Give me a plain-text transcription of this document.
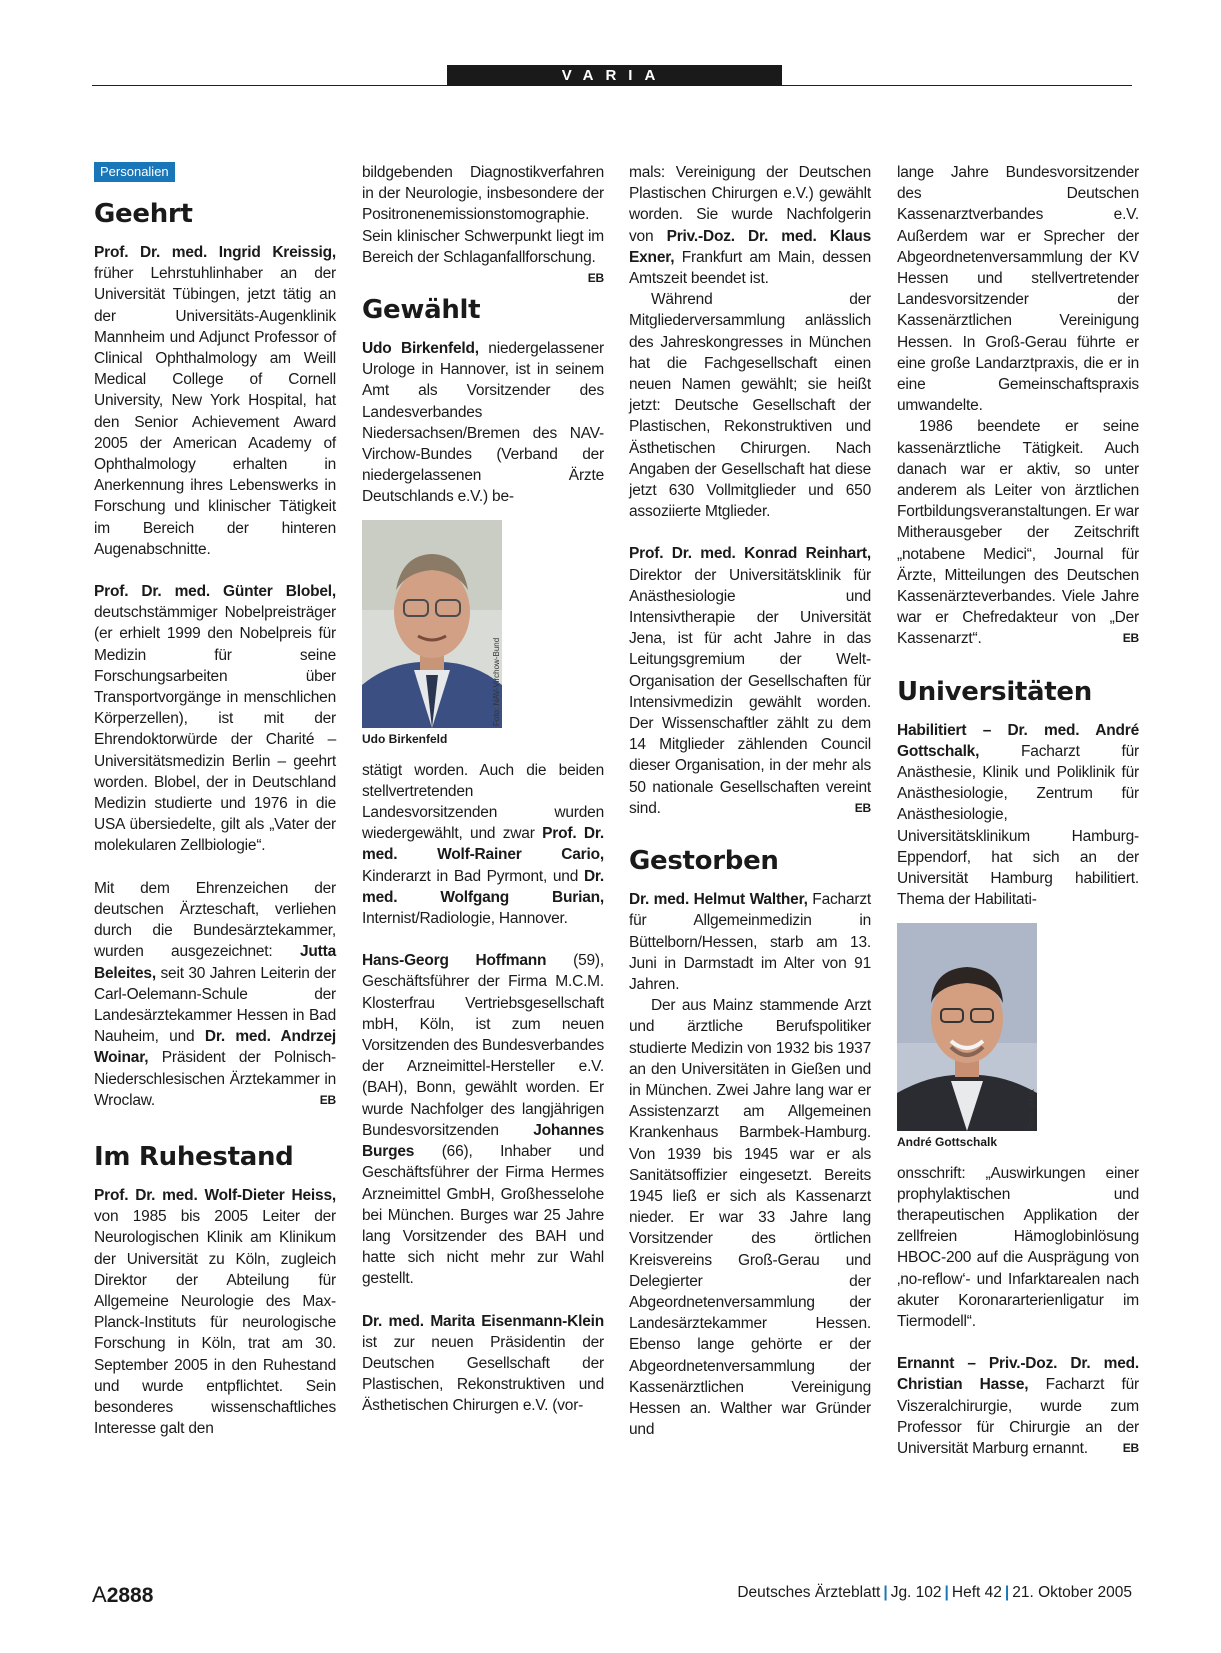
VARIA
Personalien
Geehrt

Prof. Dr. med. Ingrid Kreissig, früher Lehrstuhlinhaber an der Universität Tübingen, jetzt tätig an der Universitäts-Augenklinik Mannheim und Adjunct Professor of Clinical Ophthalmology am Weill Medical College of Cornell University, New York Hospital, hat den Senior Achievement Award 2005 der American Academy of Ophthalmology erhalten in Anerkennung ihres Lebenswerks in Forschung und klinischer Tätigkeit im Bereich der hinteren Augenabschnitte.

Prof. Dr. med. Günter Blobel, deutschstämmiger Nobelpreisträger (er erhielt 1999 den Nobelpreis für Medizin für seine Forschungsarbeiten über Transportvorgänge in menschlichen Körperzellen), ist mit der Ehrendoktorwürde der Charité – Universitätsmedizin Berlin – geehrt worden. Blobel, der in Deutschland Medizin studierte und 1976 in die USA übersiedelte, gilt als „Vater der molekularen Zellbiologie“.

Mit dem Ehrenzeichen der deutschen Ärzteschaft, verliehen durch die Bundesärztekammer, wurden ausgezeichnet: Jutta Beleites, seit 30 Jahren Leiterin der Carl-Oelemann-Schule der Landesärztekammer Hessen in Bad Nauheim, und Dr. med. Andrzej Woinar, Präsident der Polnisch-Niederschlesischen Ärztekammer in Wroclaw.	EB

Im Ruhestand

Prof. Dr. med. Wolf-Dieter Heiss, von 1985 bis 2005 Leiter der Neurologischen Klinik am Klinikum der Universität zu Köln, zugleich Direktor der Abteilung für Allgemeine Neurologie des Max-Planck-Instituts für neurologische Forschung in Köln, trat am 30. September 2005 in den Ruhestand und wurde entpflichtet. Sein besonderes wissenschaftliches Interesse galt den

bildgebenden Diagnostikverfahren in der Neurologie, insbesondere der Positronenemissionstomographie. Sein klinischer Schwerpunkt liegt im Bereich der Schlaganfallforschung.
EB

Gewählt

Udo Birkenfeld, niedergelassener Urologe in Hannover, ist in seinem Amt als Vorsitzender des Landesverbandes Niedersachsen/Bremen des NAV-Virchow-Bundes (Verband der niedergelassenen Ärzte Deutschlands e.V.) be-

Foto: NAV-Virchow-Bund
Udo Birkenfeld

stätigt worden. Auch die beiden stellvertretenden Landesvorsitzenden wurden wiedergewählt, und zwar Prof. Dr. med. Wolf-Rainer Cario, Kinderarzt in Bad Pyrmont, und Dr. med. Wolfgang Burian, Internist/Radiologie, Hannover.

Hans-Georg Hoffmann (59), Geschäftsführer der Firma M.C.M. Klosterfrau Vertriebsgesellschaft mbH, Köln, ist zum neuen Vorsitzenden des Bundesverbandes der Arzneimittel-Hersteller e.V. (BAH), Bonn, gewählt worden. Er wurde Nachfolger des langjährigen Bundesvorsitzenden Johannes Burges (66), Inhaber und Geschäftsführer der Firma Hermes Arzneimittel GmbH, Großhesselohe bei München. Burges war 25 Jahre lang Vorsitzender des BAH und hatte sich nicht mehr zur Wahl gestellt.

Dr. med. Marita Eisenmann-Klein ist zur neuen Präsidentin der Deutschen Gesellschaft der Plastischen, Rekonstruktiven und Ästhetischen Chirurgen e.V. (vor-

mals: Vereinigung der Deutschen Plastischen Chirurgen e.V.) gewählt worden. Sie wurde Nachfolgerin von Priv.-Doz. Dr. med. Klaus Exner, Frankfurt am Main, dessen Amtszeit beendet ist.

Während der Mitgliederversammlung anlässlich des Jahreskongresses in München hat die Fachgesellschaft einen neuen Namen gewählt; sie heißt jetzt: Deutsche Gesellschaft der Plastischen, Rekonstruktiven und Ästhetischen Chirurgen. Nach Angaben der Gesellschaft hat diese jetzt 630 Vollmitglieder und 650 assoziierte Mtglieder.

Prof. Dr. med. Konrad Reinhart, Direktor der Universitätsklinik für Anästhesiologie und Intensivtherapie der Universität Jena, ist für acht Jahre in das Leitungsgremium der Welt-Organisation der Gesellschaften für Intensivmedizin gewählt worden. Der Wissenschaftler zählt zu dem 14 Mitglieder zählenden Council dieser Organisation, in der mehr als 50 nationale Gesellschaften vereint sind.	EB

Gestorben

Dr. med. Helmut Walther, Facharzt für Allgemeinmedizin in Büttelborn/Hessen, starb am 13. Juni in Darmstadt im Alter von 91 Jahren.

Der aus Mainz stammende Arzt und ärztliche Berufspolitiker studierte Medizin von 1932 bis 1937 an den Universitäten in Gießen und in München. Zwei Jahre lang war er Assistenzarzt am Allgemeinen Krankenhaus Barmbek-Hamburg. Von 1939 bis 1945 war er als Sanitätsoffizier eingesetzt. Bereits 1945 ließ er sich als Kassenarzt nieder. Er war 33 Jahre lang Vorsitzender des örtlichen Kreisvereins Groß-Gerau und Delegierter der Abgeordnetenversammlung der Landesärztekammer Hessen. Ebenso lange gehörte er der Abgeordnetenversammlung der Kassenärztlichen Vereinigung Hessen an. Walther war Gründer und

lange Jahre Bundesvorsitzender des Deutschen Kassenarztverbandes e.V. Außerdem war er Sprecher der Abgeordnetenversammlung der KV Hessen und stellvertretender Landesvorsitzender der Kassenärztlichen Vereinigung Hessen. In Groß-Gerau führte er eine große Landarztpraxis, die er in eine Gemeinschaftspraxis umwandelte.

1986 beendete er seine kassenärztliche Tätigkeit. Auch danach war er aktiv, so unter anderem als Leiter von ärztlichen Fortbildungsveranstaltungen. Er war Mitherausgeber der Zeitschrift „notabene Medici“, Journal für Ärzte, Mitteilungen des Deutschen Kassenärzteverbandes. Viele Jahre war er Chefredakteur von „Der Kassenarzt“.	EB

Universitäten

Habilitiert – Dr. med. André Gottschalk,	Facharzt für Anästhesie, Klinik und Poliklinik für Anästhesiologie, Zentrum für Anästhesiologie, Universitätsklinikum Hamburg-Eppendorf, hat sich an der Universität Hamburg habilitiert. Thema der Habilitati-

Foto: privat
André Gottschalk

onsschrift: „Auswirkungen einer prophylaktischen und therapeutischen Applikation der zellfreien Hämoglobinlösung HBOC-200 auf die Ausprägung von ‚no-reflow‘- und Infarktarealen nach akuter Koronararterienligatur im Tiermodell“.

Ernannt – Priv.-Doz. Dr. med. Christian Hasse, Facharzt für Viszeralchirurgie, wurde zum Professor für Chirurgie an der Universität Marburg ernannt.	EB

A2888	Deutsches Ärzteblatt | Jg. 102 | Heft 42 | 21. Oktober 2005
